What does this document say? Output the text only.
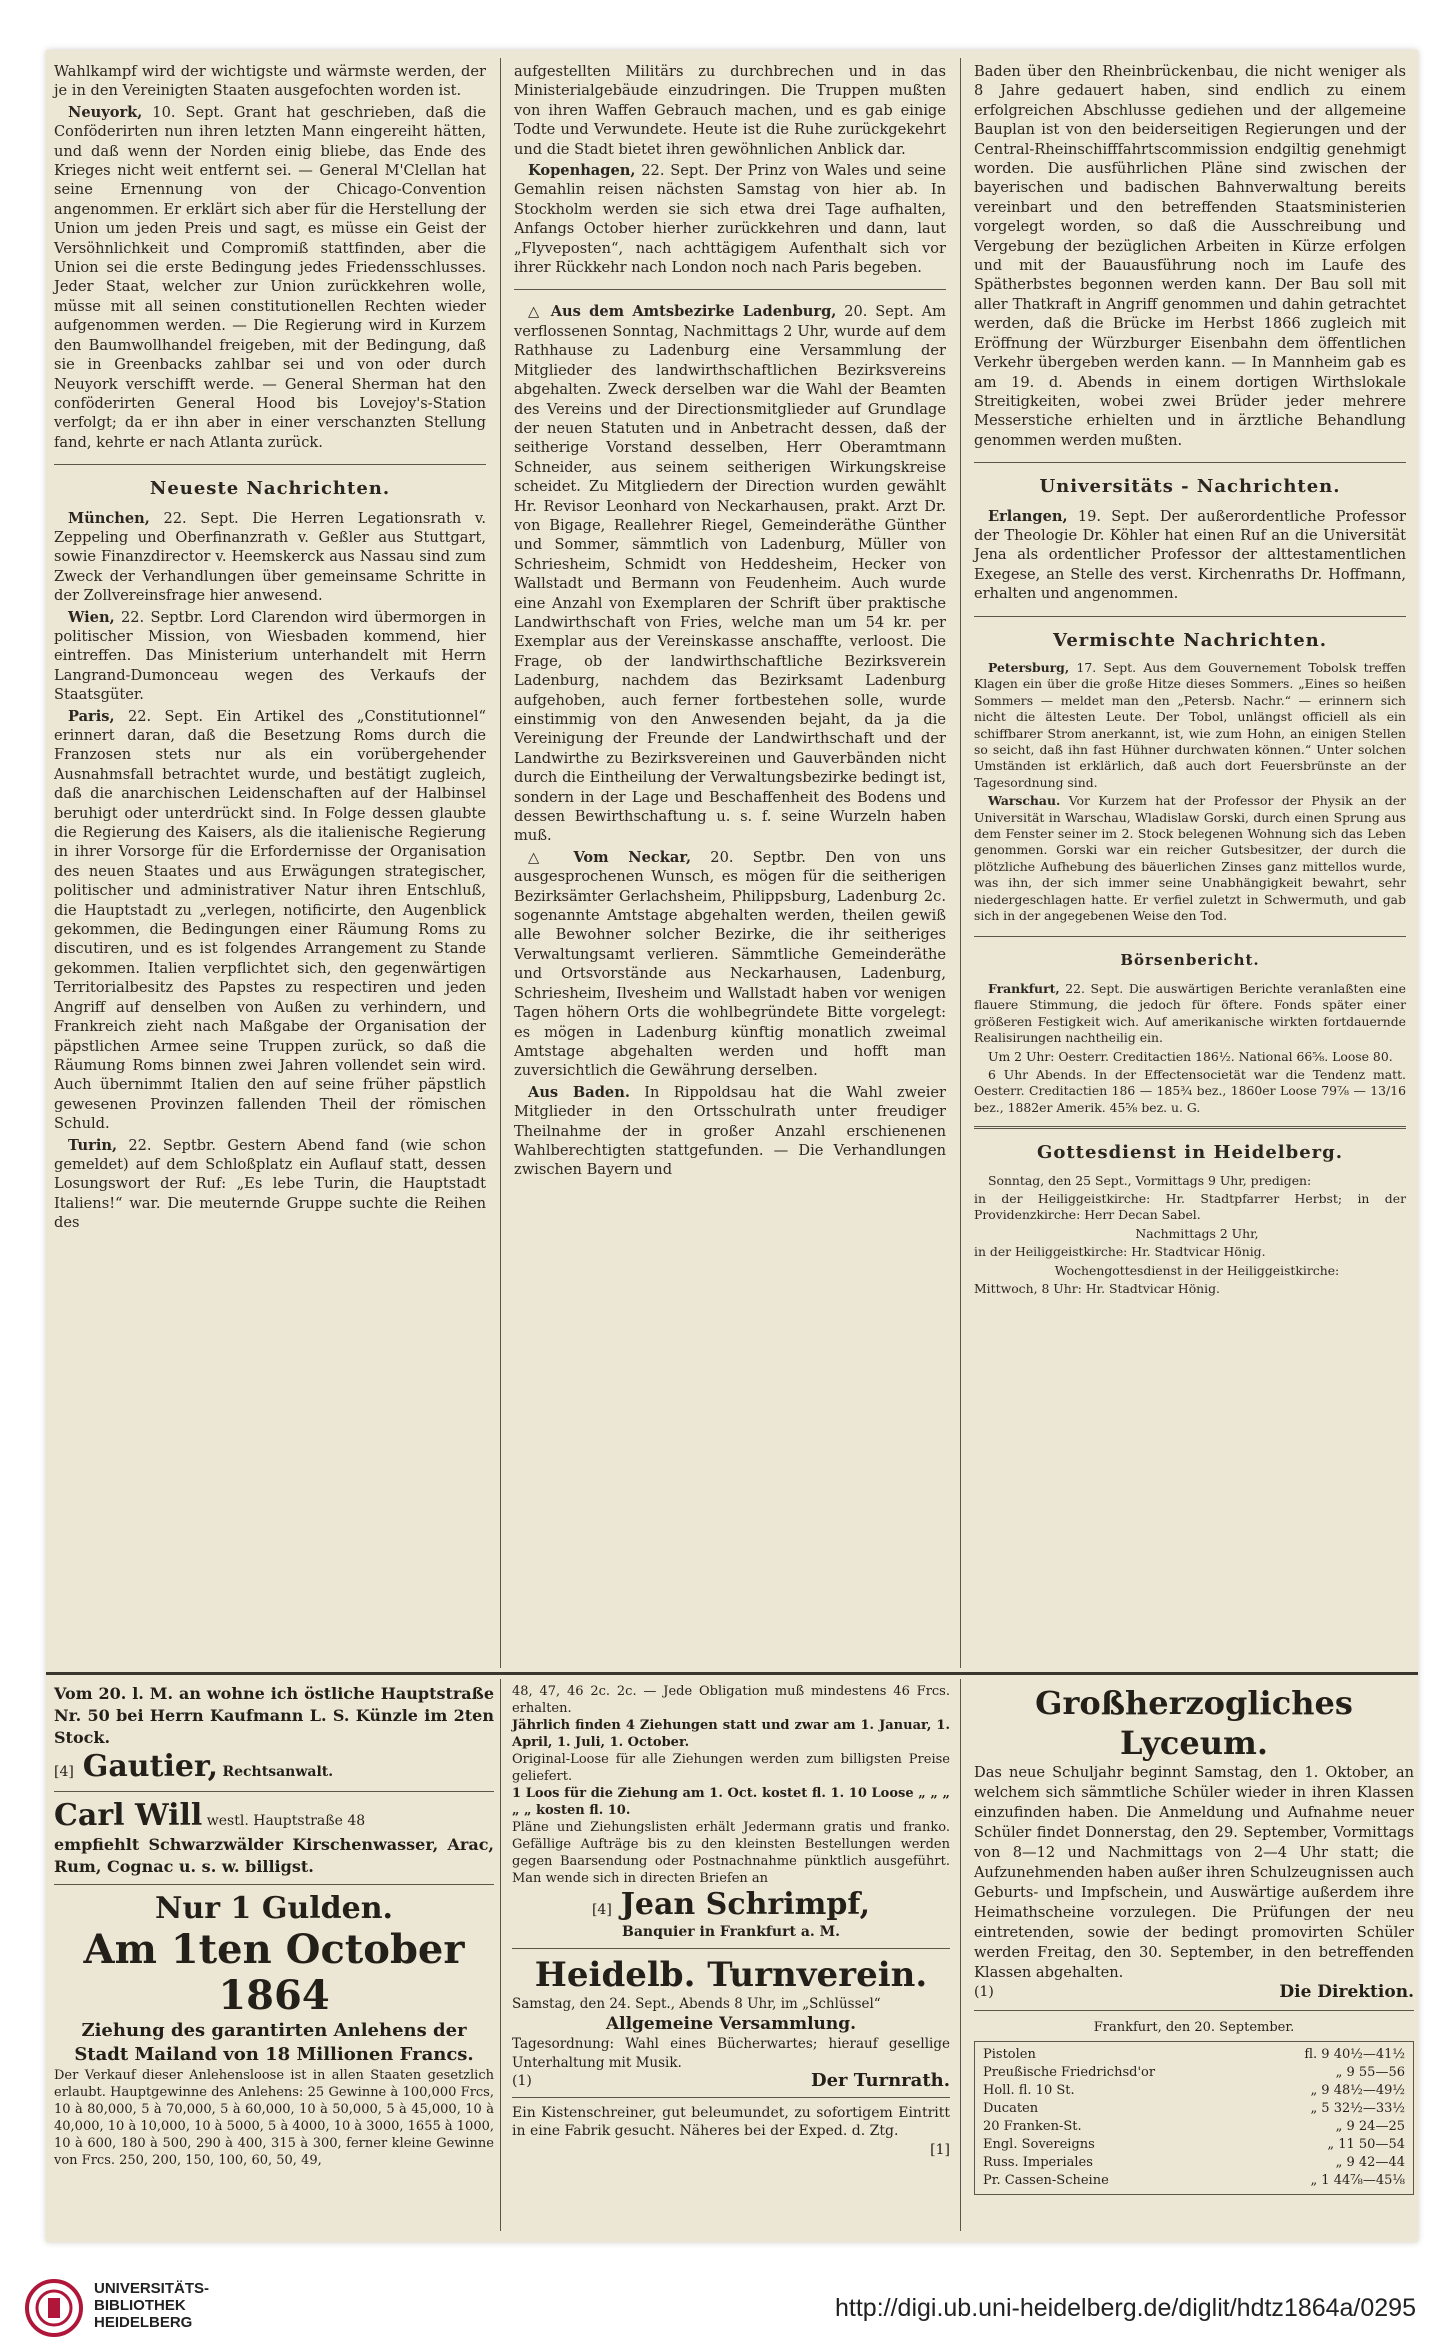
Wahlkampf wird der wichtigste und wärmste werden, der je in den Vereinigten Staaten ausgefochten worden ist.

Neuyork, 10. Sept. Grant hat geschrieben, daß die Conföderirten nun ihren letzten Mann eingereiht hätten, und daß wenn der Norden einig bliebe, das Ende des Krieges nicht weit entfernt sei. — General M'Clellan hat seine Ernennung von der Chicago-Convention angenommen. Er erklärt sich aber für die Herstellung der Union um jeden Preis und sagt, es müsse ein Geist der Versöhnlichkeit und Compromiß stattfinden, aber die Union sei die erste Bedingung jedes Friedensschlusses. Jeder Staat, welcher zur Union zurückkehren wolle, müsse mit all seinen constitutionellen Rechten wieder aufgenommen werden. — Die Regierung wird in Kurzem den Baumwollhandel freigeben, mit der Bedingung, daß sie in Greenbacks zahlbar sei und von oder durch Neuyork verschifft werde. — General Sherman hat den conföderirten General Hood bis Lovejoy's-Station verfolgt; da er ihn aber in einer verschanzten Stellung fand, kehrte er nach Atlanta zurück.

Neueste Nachrichten.

München, 22. Sept. Die Herren Legationsrath v. Zeppeling und Oberfinanzrath v. Geßler aus Stuttgart, sowie Finanzdirector v. Heemskerck aus Nassau sind zum Zweck der Verhandlungen über gemeinsame Schritte in der Zollvereinsfrage hier anwesend.

Wien, 22. Septbr. Lord Clarendon wird übermorgen in politischer Mission, von Wiesbaden kommend, hier eintreffen. Das Ministerium unterhandelt mit Herrn Langrand-Dumonceau wegen des Verkaufs der Staatsgüter.

Paris, 22. Sept. Ein Artikel des „Constitutionnel“ erinnert daran, daß die Besetzung Roms durch die Franzosen stets nur als ein vorübergehender Ausnahmsfall betrachtet wurde, und bestätigt zugleich, daß die anarchischen Leidenschaften auf der Halbinsel beruhigt oder unterdrückt sind. In Folge dessen glaubte die Regierung des Kaisers, als die italienische Regierung in ihrer Vorsorge für die Erfordernisse der Organisation des neuen Staates und aus Erwägungen strategischer, politischer und administrativer Natur ihren Entschluß, die Hauptstadt zu „verlegen, notificirte, den Augenblick gekommen, die Bedingungen einer Räumung Roms zu discutiren, und es ist folgendes Arrangement zu Stande gekommen. Italien verpflichtet sich, den gegenwärtigen Territorialbesitz des Papstes zu respectiren und jeden Angriff auf denselben von Außen zu verhindern, und Frankreich zieht nach Maßgabe der Organisation der päpstlichen Armee seine Truppen zurück, so daß die Räumung Roms binnen zwei Jahren vollendet sein wird. Auch übernimmt Italien den auf seine früher päpstlich gewesenen Provinzen fallenden Theil der römischen Schuld.

Turin, 22. Septbr. Gestern Abend fand (wie schon gemeldet) auf dem Schloßplatz ein Auflauf statt, dessen Losungswort der Ruf: „Es lebe Turin, die Hauptstadt Italiens!“ war. Die meuternde Gruppe suchte die Reihen des

aufgestellten Militärs zu durchbrechen und in das Ministerialgebäude einzudringen. Die Truppen mußten von ihren Waffen Gebrauch machen, und es gab einige Todte und Verwundete. Heute ist die Ruhe zurückgekehrt und die Stadt bietet ihren gewöhnlichen Anblick dar.

Kopenhagen, 22. Sept. Der Prinz von Wales und seine Gemahlin reisen nächsten Samstag von hier ab. In Stockholm werden sie sich etwa drei Tage aufhalten, Anfangs October hierher zurückkehren und dann, laut „Flyveposten“, nach achttägigem Aufenthalt sich vor ihrer Rückkehr nach London noch nach Paris begeben.

△ Aus dem Amtsbezirke Ladenburg, 20. Sept. Am verflossenen Sonntag, Nachmittags 2 Uhr, wurde auf dem Rathhause zu Ladenburg eine Versammlung der Mitglieder des landwirthschaftlichen Bezirksvereins abgehalten. Zweck derselben war die Wahl der Beamten des Vereins und der Directionsmitglieder auf Grundlage der neuen Statuten und in Anbetracht dessen, daß der seitherige Vorstand desselben, Herr Oberamtmann Schneider, aus seinem seitherigen Wirkungskreise scheidet. Zu Mitgliedern der Direction wurden gewählt Hr. Revisor Leonhard von Neckarhausen, prakt. Arzt Dr. von Bigage, Reallehrer Riegel, Gemeinderäthe Günther und Sommer, sämmtlich von Ladenburg, Müller von Schriesheim, Schmidt von Heddesheim, Hecker von Wallstadt und Bermann von Feudenheim. Auch wurde eine Anzahl von Exemplaren der Schrift über praktische Landwirthschaft von Fries, welche man um 54 kr. per Exemplar aus der Vereinskasse anschaffte, verloost. Die Frage, ob der landwirthschaftliche Bezirksverein Ladenburg, nachdem das Bezirksamt Ladenburg aufgehoben, auch ferner fortbestehen solle, wurde einstimmig von den Anwesenden bejaht, da ja die Vereinigung der Freunde der Landwirthschaft und der Landwirthe zu Bezirksvereinen und Gauverbänden nicht durch die Eintheilung der Verwaltungsbezirke bedingt ist, sondern in der Lage und Beschaffenheit des Bodens und dessen Bewirthschaftung u. s. f. seine Wurzeln haben muß.

△ Vom Neckar, 20. Septbr. Den von uns ausgesprochenen Wunsch, es mögen für die seitherigen Bezirksämter Gerlachsheim, Philippsburg, Ladenburg 2c. sogenannte Amtstage abgehalten werden, theilen gewiß alle Bewohner solcher Bezirke, die ihr seitheriges Verwaltungsamt verlieren. Sämmtliche Gemeinderäthe und Ortsvorstände aus Neckarhausen, Ladenburg, Schriesheim, Ilvesheim und Wallstadt haben vor wenigen Tagen höhern Orts die wohlbegründete Bitte vorgelegt: es mögen in Ladenburg künftig monatlich zweimal Amtstage abgehalten werden und hofft man zuversichtlich die Gewährung derselben.

Aus Baden. In Rippoldsau hat die Wahl zweier Mitglieder in den Ortsschulrath unter freudiger Theilnahme der in großer Anzahl erschienenen Wahlberechtigten stattgefunden. — Die Verhandlungen zwischen Bayern und

Baden über den Rheinbrückenbau, die nicht weniger als 8 Jahre gedauert haben, sind endlich zu einem erfolgreichen Abschlusse gediehen und der allgemeine Bauplan ist von den beiderseitigen Regierungen und der Central-Rheinschifffahrtscommission endgiltig genehmigt worden. Die ausführlichen Pläne sind zwischen der bayerischen und badischen Bahnverwaltung bereits vereinbart und den betreffenden Staatsministerien vorgelegt worden, so daß die Ausschreibung und Vergebung der bezüglichen Arbeiten in Kürze erfolgen und mit der Bauausführung noch im Laufe des Spätherbstes begonnen werden kann. Der Bau soll mit aller Thatkraft in Angriff genommen und dahin getrachtet werden, daß die Brücke im Herbst 1866 zugleich mit Eröffnung der Würzburger Eisenbahn dem öffentlichen Verkehr übergeben werden kann. — In Mannheim gab es am 19. d. Abends in einem dortigen Wirthslokale Streitigkeiten, wobei zwei Brüder jeder mehrere Messerstiche erhielten und in ärztliche Behandlung genommen werden mußten.

Universitäts - Nachrichten.

Erlangen, 19. Sept. Der außerordentliche Professor der Theologie Dr. Köhler hat einen Ruf an die Universität Jena als ordentlicher Professor der alttestamentlichen Exegese, an Stelle des verst. Kirchenraths Dr. Hoffmann, erhalten und angenommen.

Vermischte Nachrichten.

Petersburg, 17. Sept. Aus dem Gouvernement Tobolsk treffen Klagen ein über die große Hitze dieses Sommers. „Eines so heißen Sommers — meldet man den „Petersb. Nachr.“ — erinnern sich nicht die ältesten Leute. Der Tobol, unlängst officiell als ein schiffbarer Strom anerkannt, ist, wie zum Hohn, an einigen Stellen so seicht, daß ihn fast Hühner durchwaten können.“ Unter solchen Umständen ist erklärlich, daß auch dort Feuersbrünste an der Tagesordnung sind.

Warschau. Vor Kurzem hat der Professor der Physik an der Universität in Warschau, Wladislaw Gorski, durch einen Sprung aus dem Fenster seiner im 2. Stock belegenen Wohnung sich das Leben genommen. Gorski war ein reicher Gutsbesitzer, der durch die plötzliche Aufhebung des bäuerlichen Zinses ganz mittellos wurde, was ihn, der sich immer seine Unabhängigkeit bewahrt, sehr niedergeschlagen hatte. Er verfiel zuletzt in Schwermuth, und gab sich in der angegebenen Weise den Tod.

Börsenbericht.

Frankfurt, 22. Sept. Die auswärtigen Berichte veranlaßten eine flauere Stimmung, die jedoch für öftere. Fonds später einer größeren Festigkeit wich. Auf amerikanische wirkten fortdauernde Realisirungen nachtheilig ein.

Um 2 Uhr: Oesterr. Creditactien 186½. National 66⅝. Loose 80.

6 Uhr Abends. In der Effectensocietät war die Tendenz matt. Oesterr. Creditactien 186 — 185¾ bez., 1860er Loose 79⅞ — 13/16 bez., 1882er Amerik. 45⅝ bez. u. G.

Gottesdienst in Heidelberg.

Sonntag, den 25 Sept., Vormittags 9 Uhr, predigen:

in der Heiliggeistkirche: Hr. Stadtpfarrer Herbst; in der Providenzkirche: Herr Decan Sabel.

Nachmittags 2 Uhr,

in der Heiliggeistkirche: Hr. Stadtvicar Hönig.

Wochengottesdienst in der Heiliggeistkirche:

Mittwoch, 8 Uhr: Hr. Stadtvicar Hönig.

Vom 20. l. M. an wohne ich östliche Hauptstraße Nr. 50 bei Herrn Kaufmann L. S. Künzle im 2ten Stock.

[4] Gautier, Rechtsanwalt.

Carl Will westl. Hauptstraße 48

empfiehlt Schwarzwälder Kirschenwasser, Arac, Rum, Cognac u. s. w. billigst.

Nur 1 Gulden.

Am 1ten October 1864

Ziehung des garantirten Anlehens der Stadt Mailand von 18 Millionen Francs.

Der Verkauf dieser Anlehensloose ist in allen Staaten gesetzlich erlaubt. Hauptgewinne des Anlehens: 25 Gewinne à 100,000 Frcs, 10 à 80,000, 5 à 70,000, 5 à 60,000, 10 à 50,000, 5 à 45,000, 10 à 40,000, 10 à 10,000, 10 à 5000, 5 à 4000, 10 à 3000, 1655 à 1000, 10 à 600, 180 à 500, 290 à 400, 315 à 300, ferner kleine Gewinne von Frcs. 250, 200, 150, 100, 60, 50, 49,

48, 47, 46 2c. 2c. — Jede Obligation muß mindestens 46 Frcs. erhalten.

Jährlich finden 4 Ziehungen statt und zwar am 1. Januar, 1. April, 1. Juli, 1. October.

Original-Loose für alle Ziehungen werden zum billigsten Preise geliefert.

1 Loos für die Ziehung am 1. Oct. kostet fl. 1. 10 Loose „ „ „ „ „ kosten fl. 10.

Pläne und Ziehungslisten erhält Jedermann gratis und franko. Gefällige Aufträge bis zu den kleinsten Bestellungen werden gegen Baarsendung oder Postnachnahme pünktlich ausgeführt. Man wende sich in directen Briefen an

[4] Jean Schrimpf,

Banquier in Frankfurt a. M.

Heidelb. Turnverein.

Samstag, den 24. Sept., Abends 8 Uhr, im „Schlüssel“

Allgemeine Versammlung.

Tagesordnung: Wahl eines Bücherwartes; hierauf gesellige Unterhaltung mit Musik.

(1)	Der Turnrath.

Ein Kistenschreiner, gut beleumundet, zu sofortigem Eintritt in eine Fabrik gesucht. Näheres bei der Exped. d. Ztg.

[1]

Großherzogliches Lyceum.

Das neue Schuljahr beginnt Samstag, den 1. Oktober, an welchem sich sämmtliche Schüler wieder in ihren Klassen einzufinden haben. Die Anmeldung und Aufnahme neuer Schüler findet Donnerstag, den 29. September, Vormittags von 8—12 und Nachmittags von 2—4 Uhr statt; die Aufzunehmenden haben außer ihren Schulzeugnissen auch Geburts- und Impfschein, und Auswärtige außerdem ihre Heimathscheine vorzulegen. Die Prüfungen der neu eintretenden, sowie der bedingt promovirten Schüler werden Freitag, den 30. September, in den betreffenden Klassen abgehalten.

(1)	Die Direktion.

Frankfurt, den 20. September.

Pistolen	fl. 9 40½—41½
Preußische Friedrichsd'or	„ 9 55—56
Holl. fl. 10 St.	„ 9 48½—49½
Ducaten	„ 5 32½—33½
20 Franken-St.	„ 9 24—25
Engl. Sovereigns	„ 11 50—54
Russ. Imperiales	„ 9 42—44
Pr. Cassen-Scheine	„ 1 44⅞—45⅛
UNIVERSITÄTS-
BIBLIOTHEK
HEIDELBERG
http://digi.ub.uni-heidelberg.de/diglit/hdtz1864a/0295
